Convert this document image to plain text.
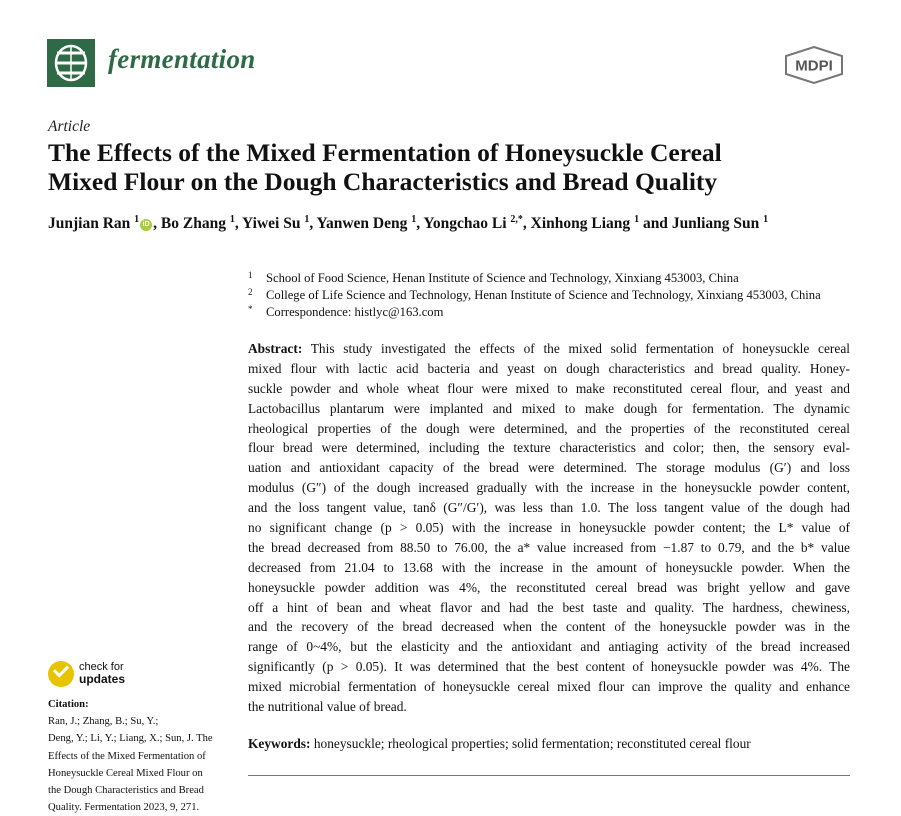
fermentation	MDPI
Article
The Effects of the Mixed Fermentation of Honeysuckle Cereal
Mixed Flour on the Dough Characteristics and Bread Quality
Junjian Ran $^1$ iD , Bo Zhang $^1$, Yiwei Su $^1$, Yanwen Deng $^1$, Yongchao Li $^{2,*}$, Xinhong Liang $^1$ and Junliang Sun $^1$
1 School of Food Science, Henan Institute of Science and Technology, Xinxiang 453003, China
2 College of Life Science and Technology, Henan Institute of Science and Technology, Xinxiang 453003, China
* Correspondence: histlyc@163.com
Abstract: This study investigated the effects of the mixed solid fermentation of honeysuckle cereal
mixed flour with lactic acid bacteria and yeast on dough characteristics and bread quality. Honey-
suckle powder and whole wheat flour were mixed to make reconstituted cereal flour, and yeast and
Lactobacillus plantarum were implanted and mixed to make dough for fermentation. The dynamic
rheological properties of the dough were determined, and the properties of the reconstituted cereal
flour bread were determined, including the texture characteristics and color; then, the sensory eval-
uation and antioxidant capacity of the bread were determined. The storage modulus (G′) and loss
modulus (G″) of the dough increased gradually with the increase in the honeysuckle powder content,
and the loss tangent value, tanδ (G″/G′), was less than 1.0. The loss tangent value of the dough had
no significant change (p > 0.05) with the increase in honeysuckle powder content; the L* value of
the bread decreased from 88.50 to 76.00, the a* value increased from −1.87 to 0.79, and the b* value
decreased from 21.04 to 13.68 with the increase in the amount of honeysuckle powder. When the
honeysuckle powder addition was 4%, the reconstituted cereal bread was bright yellow and gave
off a hint of bean and wheat flavor and had the best taste and quality. The hardness, chewiness,
and the recovery of the bread decreased when the content of the honeysuckle powder was in the
range of 0~4%, but the elasticity and the antioxidant and antiaging activity of the bread increased
significantly (p > 0.05). It was determined that the best content of honeysuckle powder was 4%. The
mixed microbial fermentation of honeysuckle cereal mixed flour can improve the quality and enhance
the nutritional value of bread.
Keywords: honeysuckle; rheological properties; solid fermentation; reconstituted cereal flour
check for
updates
Citation:
Ran, J.; Zhang, B.; Su, Y.;
Deng, Y.; Li, Y.; Liang, X.; Sun, J. The
Effects of the Mixed Fermentation of
Honeysuckle Cereal Mixed Flour on
the Dough Characteristics and Bread
Quality. Fermentation 2023, 9, 271.
